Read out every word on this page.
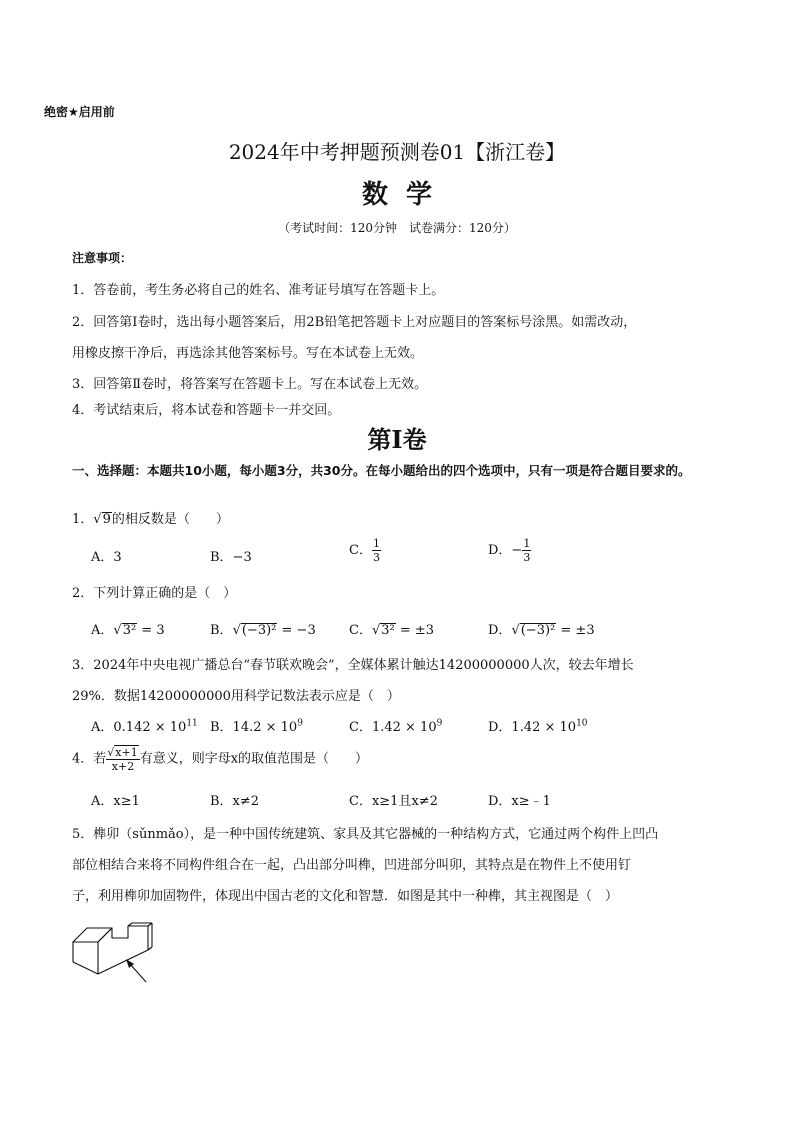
绝密★启用前
2024年中考押题预测卷01【浙江卷】
数学
（考试时间：120分钟　试卷满分：120分）
注意事项：
1．答卷前，考生务必将自己的姓名、准考证号填写在答题卡上。
2．回答第Ⅰ卷时，选出每小题答案后，用2B铅笔把答题卡上对应题目的答案标号涂黑。如需改动，
用橡皮擦干净后，再选涂其他答案标号。写在本试卷上无效。
3．回答第Ⅱ卷时，将答案写在答题卡上。写在本试卷上无效。
4．考试结束后，将本试卷和答题卡一并交回。
第Ⅰ卷
一、选择题：本题共10小题，每小题3分，共30分。在每小题给出的四个选项中，只有一项是符合题目要求的。
1．√9的相反数是（　　）
A．3	B．−3	C． $\frac{1}{3}$	D．− $\frac{1}{3}$
2．下列计算正确的是（　）
A．√3² = 3	B．√(−3)² = −3	C．√3² = ±3	D．√(−3)² = ±3
3．2024年中央电视广播总台“春节联欢晚会”，全媒体累计触达14200000000人次，较去年增长
29%．数据14200000000用科学记数法表示应是（　）
A．$0.142 \times 10^{11}$ B．$14.2 \times 10^9$	C．$1.42 \times 10^9$	D．$1.42 \times 10^{10}$
4．若 $\frac{√x+1}{x+2}$ 有意义，则字母x的取值范围是（　　）
A．x≥1	B．x≠2	C．x≥1且x≠2	D．x≥﹣1
5．榫卯（sǔnmǎo），是一种中国传统建筑、家具及其它器械的一种结构方式，它通过两个构件上凹凸
部位相结合来将不同构件组合在一起，凸出部分叫榫，凹进部分叫卯，其特点是在物件上不使用钉
子，利用榫卯加固物件，体现出中国古老的文化和智慧．如图是其中一种榫，其主视图是（　）
